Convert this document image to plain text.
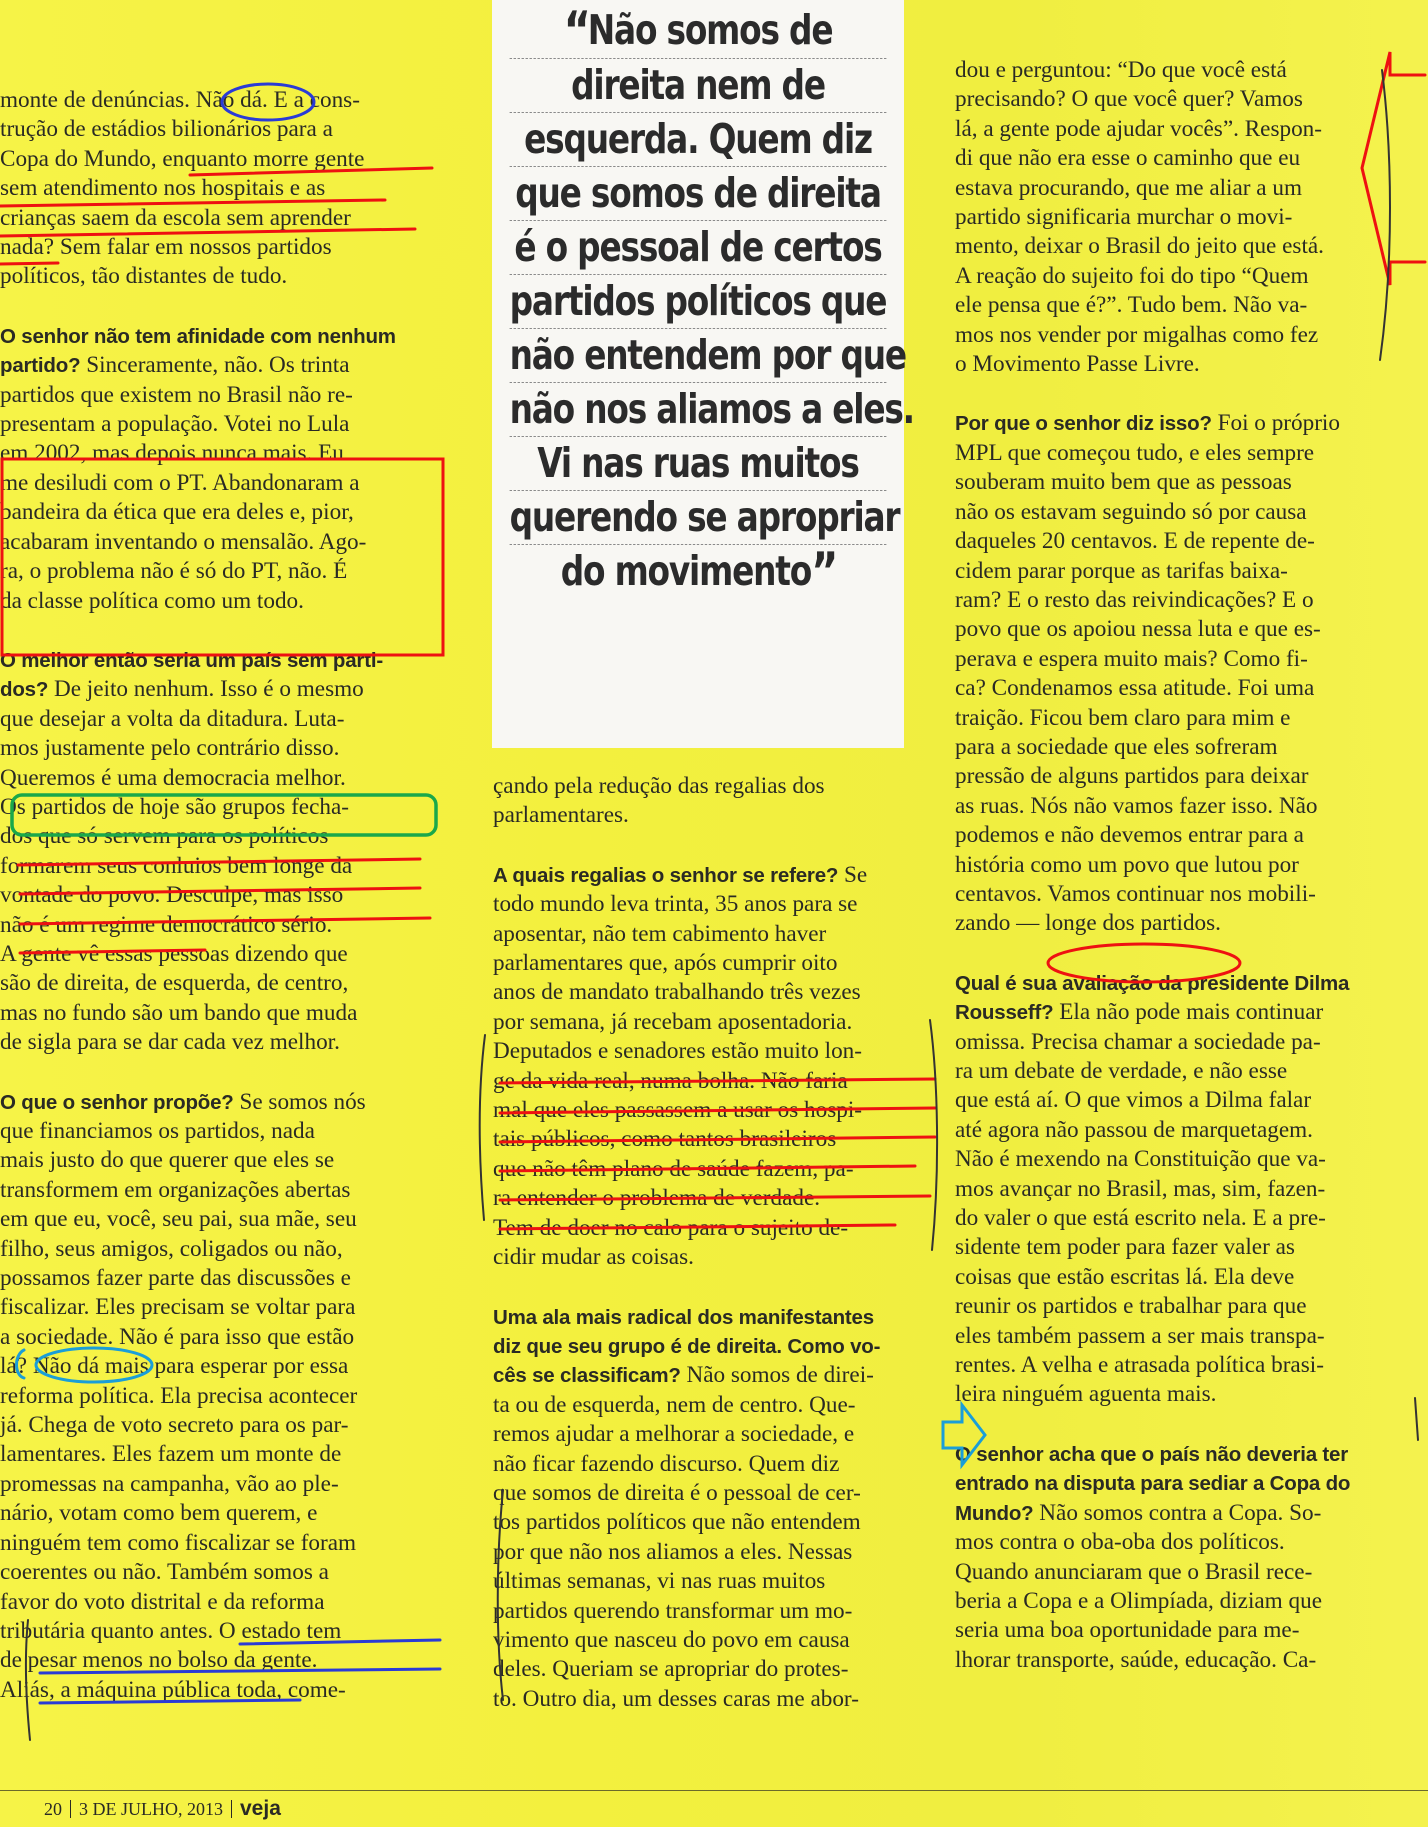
“Não somos de
direita nem de
esquerda. Quem diz
que somos de direita
é o pessoal de certos
partidos políticos que
não entendem por que
não nos aliamos a eles.
Vi nas ruas muitos
querendo se apropriar
do movimento”

monte de denúncias. Não dá. E a cons-

trução de estádios bilionários para a

Copa do Mundo, enquanto morre gente

sem atendimento nos hospitais e as

crianças saem da escola sem aprender

nada? Sem falar em nossos partidos

políticos, tão distantes de tudo.

O senhor não tem afinidade com nenhum

partido? Sinceramente, não. Os trinta

partidos que existem no Brasil não re-

presentam a população. Votei no Lula

em 2002, mas depois nunca mais. Eu

me desiludi com o PT. Abandonaram a

bandeira da ética que era deles e, pior,

acabaram inventando o mensalão. Ago-

ra, o problema não é só do PT, não. É

da classe política como um todo.

O melhor então seria um país sem parti-

dos? De jeito nenhum. Isso é o mesmo

que desejar a volta da ditadura. Luta-

mos justamente pelo contrário disso.

Queremos é uma democracia melhor.

Os partidos de hoje são grupos fecha-

dos que só servem para os políticos

formarem seus conluios bem longe da

vontade do povo. Desculpe, mas isso

não é um regime democrático sério.

A gente vê essas pessoas dizendo que

são de direita, de esquerda, de centro,

mas no fundo são um bando que muda

de sigla para se dar cada vez melhor.

O que o senhor propõe? Se somos nós

que financiamos os partidos, nada

mais justo do que querer que eles se

transformem em organizações abertas

em que eu, você, seu pai, sua mãe, seu

filho, seus amigos, coligados ou não,

possamos fazer parte das discussões e

fiscalizar. Eles precisam se voltar para

a sociedade. Não é para isso que estão

lá? Não dá mais para esperar por essa

reforma política. Ela precisa acontecer

já. Chega de voto secreto para os par-

lamentares. Eles fazem um monte de

promessas na campanha, vão ao ple-

nário, votam como bem querem, e

ninguém tem como fiscalizar se foram

coerentes ou não. Também somos a

favor do voto distrital e da reforma

tributária quanto antes. O estado tem

de pesar menos no bolso da gente.

Aliás, a máquina pública toda, come-

çando pela redução das regalias dos

parlamentares.

A quais regalias o senhor se refere? Se

todo mundo leva trinta, 35 anos para se

aposentar, não tem cabimento haver

parlamentares que, após cumprir oito

anos de mandato trabalhando três vezes

por semana, já recebam aposentadoria.

Deputados e senadores estão muito lon-

ge da vida real, numa bolha. Não faria

mal que eles passassem a usar os hospi-

tais públicos, como tantos brasileiros

que não têm plano de saúde fazem, pa-

ra entender o problema de verdade.

Tem de doer no calo para o sujeito de-

cidir mudar as coisas.

Uma ala mais radical dos manifestantes

diz que seu grupo é de direita. Como vo-

cês se classificam? Não somos de direi-

ta ou de esquerda, nem de centro. Que-

remos ajudar a melhorar a sociedade, e

não ficar fazendo discurso. Quem diz

que somos de direita é o pessoal de cer-

tos partidos políticos que não entendem

por que não nos aliamos a eles. Nessas

últimas semanas, vi nas ruas muitos

partidos querendo transformar um mo-

vimento que nasceu do povo em causa

deles. Queriam se apropriar do protes-

to. Outro dia, um desses caras me abor-

dou e perguntou: “Do que você está

precisando? O que você quer? Vamos

lá, a gente pode ajudar vocês”. Respon-

di que não era esse o caminho que eu

estava procurando, que me aliar a um

partido significaria murchar o movi-

mento, deixar o Brasil do jeito que está.

A reação do sujeito foi do tipo “Quem

ele pensa que é?”. Tudo bem. Não va-

mos nos vender por migalhas como fez

o Movimento Passe Livre.

Por que o senhor diz isso? Foi o próprio

MPL que começou tudo, e eles sempre

souberam muito bem que as pessoas

não os estavam seguindo só por causa

daqueles 20 centavos. E de repente de-

cidem parar porque as tarifas baixa-

ram? E o resto das reivindicações? E o

povo que os apoiou nessa luta e que es-

perava e espera muito mais? Como fi-

ca? Condenamos essa atitude. Foi uma

traição. Ficou bem claro para mim e

para a sociedade que eles sofreram

pressão de alguns partidos para deixar

as ruas. Nós não vamos fazer isso. Não

podemos e não devemos entrar para a

história como um povo que lutou por

centavos. Vamos continuar nos mobili-

zando — longe dos partidos.

Qual é sua avaliação da presidente Dilma

Rousseff? Ela não pode mais continuar

omissa. Precisa chamar a sociedade pa-

ra um debate de verdade, e não esse

que está aí. O que vimos a Dilma falar

até agora não passou de marquetagem.

Não é mexendo na Constituição que va-

mos avançar no Brasil, mas, sim, fazen-

do valer o que está escrito nela. E a pre-

sidente tem poder para fazer valer as

coisas que estão escritas lá. Ela deve

reunir os partidos e trabalhar para que

eles também passem a ser mais transpa-

rentes. A velha e atrasada política brasi-

leira ninguém aguenta mais.

O senhor acha que o país não deveria ter

entrado na disputa para sediar a Copa do

Mundo? Não somos contra a Copa. So-

mos contra o oba-oba dos políticos.

Quando anunciaram que o Brasil rece-

beria a Copa e a Olimpíada, diziam que

seria uma boa oportunidade para me-

lhorar transporte, saúde, educação. Ca-

20 3 DE JULHO, 2013 veja
